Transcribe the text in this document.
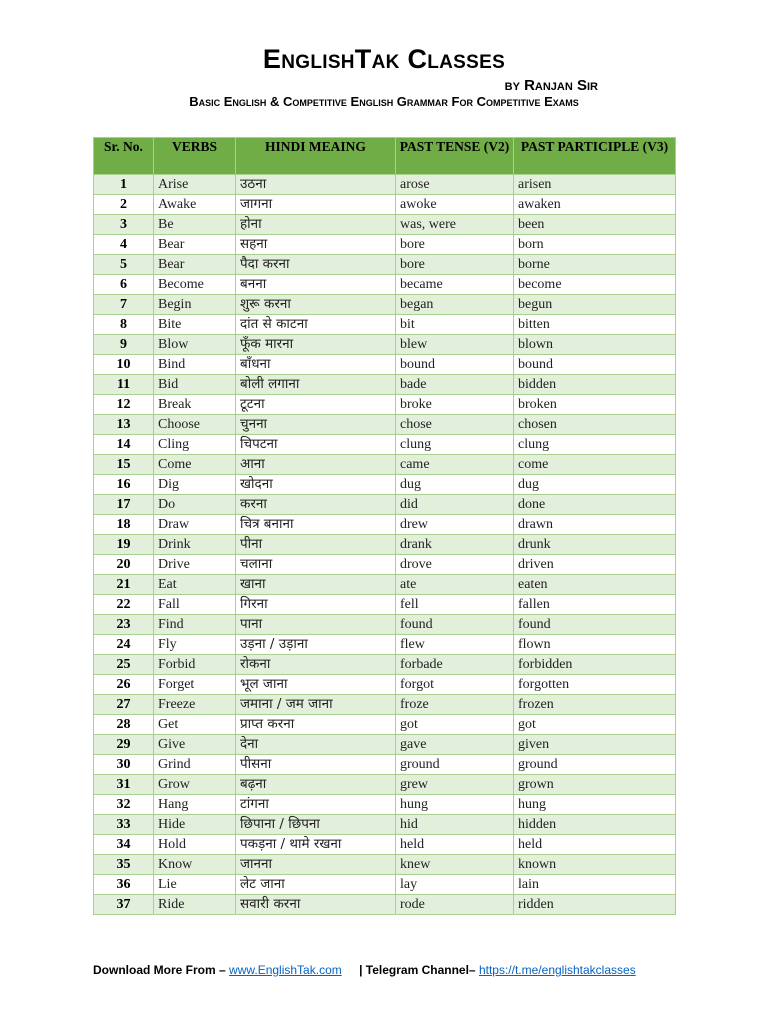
EnglishTak Classes
by Ranjan Sir
Basic English & Competitive English Grammar For Competitive Exams
Sr. No.	VERBS	HINDI MEAING	PAST TENSE (V2)	PAST PARTICIPLE (V3)
1	Arise	उठना	arose	arisen
2	Awake	जागना	awoke	awaken
3	Be	होना	was, were	been
4	Bear	सहना	bore	born
5	Bear	पैदा करना	bore	borne
6	Become	बनना	became	become
7	Begin	शुरू करना	began	begun
8	Bite	दांत से काटना	bit	bitten
9	Blow	फूँक मारना	blew	blown
10	Bind	बाँधना	bound	bound
11	Bid	बोली लगाना	bade	bidden
12	Break	टूटना	broke	broken
13	Choose	चुनना	chose	chosen
14	Cling	चिपटना	clung	clung
15	Come	आना	came	come
16	Dig	खोदना	dug	dug
17	Do	करना	did	done
18	Draw	चित्र बनाना	drew	drawn
19	Drink	पीना	drank	drunk
20	Drive	चलाना	drove	driven
21	Eat	खाना	ate	eaten
22	Fall	गिरना	fell	fallen
23	Find	पाना	found	found
24	Fly	उड़ना / उड़ाना	flew	flown
25	Forbid	रोकना	forbade	forbidden
26	Forget	भूल जाना	forgot	forgotten
27	Freeze	जमाना / जम जाना	froze	frozen
28	Get	प्राप्त करना	got	got
29	Give	देना	gave	given
30	Grind	पीसना	ground	ground
31	Grow	बढ़ना	grew	grown
32	Hang	टांगना	hung	hung
33	Hide	छिपाना / छिपना	hid	hidden
34	Hold	पकड़ना / थामे रखना	held	held
35	Know	जानना	knew	known
36	Lie	लेट जाना	lay	lain
37	Ride	सवारी करना	rode	ridden
Download More From – www.EnglishTak.com | Telegram Channel– https://t.me/englishtakclasses
